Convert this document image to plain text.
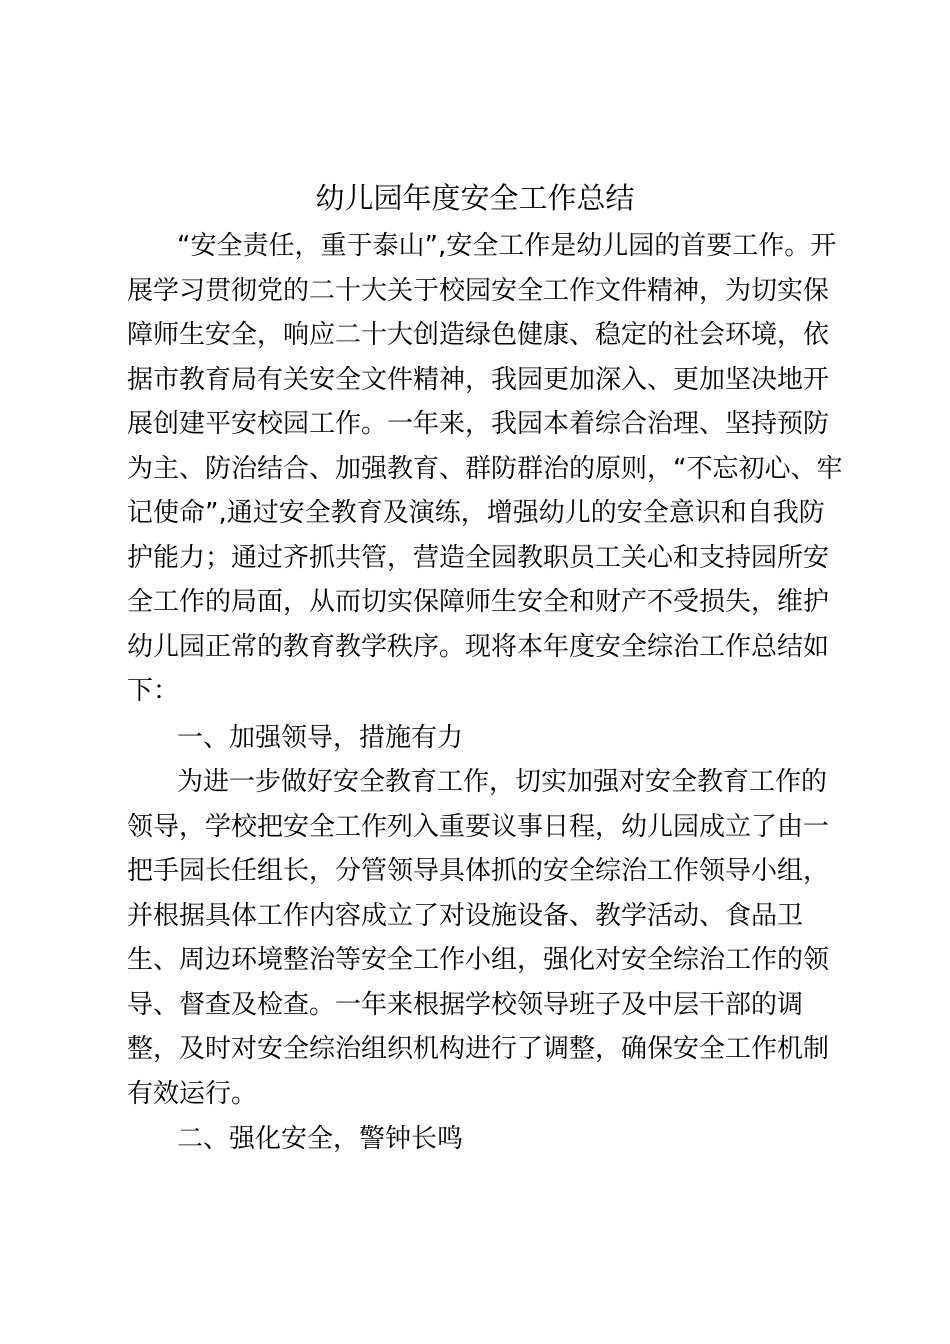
幼儿园年度安全工作总结
“安全责任，重于泰山”,安全工作是幼儿园的首要工作。开
展学习贯彻党的二十大关于校园安全工作文件精神，为切实保
障师生安全，响应二十大创造绿色健康、稳定的社会环境，依
据市教育局有关安全文件精神，我园更加深入、更加坚决地开
展创建平安校园工作。一年来，我园本着综合治理、坚持预防
为主、防治结合、加强教育、群防群治的原则，“不忘初心、牢
记使命”,通过安全教育及演练，增强幼儿的安全意识和自我防
护能力；通过齐抓共管，营造全园教职员工关心和支持园所安
全工作的局面，从而切实保障师生安全和财产不受损失，维护
幼儿园正常的教育教学秩序。现将本年度安全综治工作总结如
下：
一、加强领导，措施有力
为进一步做好安全教育工作，切实加强对安全教育工作的
领导，学校把安全工作列入重要议事日程，幼儿园成立了由一
把手园长任组长，分管领导具体抓的安全综治工作领导小组，
并根据具体工作内容成立了对设施设备、教学活动、食品卫
生、周边环境整治等安全工作小组，强化对安全综治工作的领
导、督查及检查。一年来根据学校领导班子及中层干部的调
整，及时对安全综治组织机构进行了调整，确保安全工作机制
有效运行。
二、强化安全，警钟长鸣
